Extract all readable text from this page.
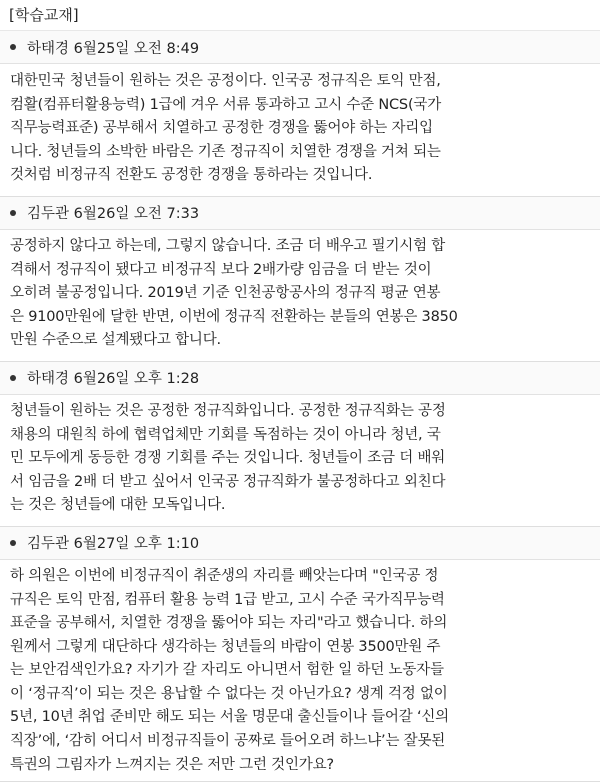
[학습교재]
하태경 6월25일 오전 8:49
대한민국 청년들이 원하는 것은 공정이다. 인국공 정규직은 토익 만점,
컴활(컴퓨터활용능력) 1급에 겨우 서류 통과하고 고시 수준 NCS(국가
직무능력표준) 공부해서 치열하고 공정한 경쟁을 뚫어야 하는 자리입
니다. 청년들의 소박한 바람은 기존 정규직이 치열한 경쟁을 거쳐 되는
것처럼 비정규직 전환도 공정한 경쟁을 통하라는 것입니다.
김두관 6월26일 오전 7:33
공정하지 않다고 하는데, 그렇지 않습니다. 조금 더 배우고 필기시험 합
격해서 정규직이 됐다고 비정규직 보다 2배가량 임금을 더 받는 것이
오히려 불공정입니다. 2019년 기준 인천공항공사의 정규직 평균 연봉
은 9100만원에 달한 반면, 이번에 정규직 전환하는 분들의 연봉은 3850
만원 수준으로 설계됐다고 합니다.
하태경 6월26일 오후 1:28
청년들이 원하는 것은 공정한 정규직화입니다. 공정한 정규직화는 공정
채용의 대원칙 하에 협력업체만 기회를 독점하는 것이 아니라 청년, 국
민 모두에게 동등한 경쟁 기회를 주는 것입니다. 청년들이 조금 더 배워
서 임금을 2배 더 받고 싶어서 인국공 정규직화가 불공정하다고 외친다
는 것은 청년들에 대한 모독입니다.
김두관 6월27일 오후 1:10
하 의원은 이번에 비정규직이 취준생의 자리를 빼앗는다며 "인국공 정
규직은 토익 만점, 컴퓨터 활용 능력 1급 받고, 고시 수준 국가직무능력
표준을 공부해서, 치열한 경쟁을 뚫어야 되는 자리"라고 했습니다. 하의
원께서 그렇게 대단하다 생각하는 청년들의 바람이 연봉 3500만원 주
는 보안검색인가요? 자기가 갈 자리도 아니면서 험한 일 하던 노동자들
이 ‘정규직’이 되는 것은 용납할 수 없다는 것 아닌가요? 생계 걱정 없이
5년, 10년 취업 준비만 해도 되는 서울 명문대 출신들이나 들어갈 ‘신의
직장’에, ‘감히 어디서 비정규직들이 공짜로 들어오려 하느냐’는 잘못된
특권의 그림자가 느껴지는 것은 저만 그런 것인가요?
